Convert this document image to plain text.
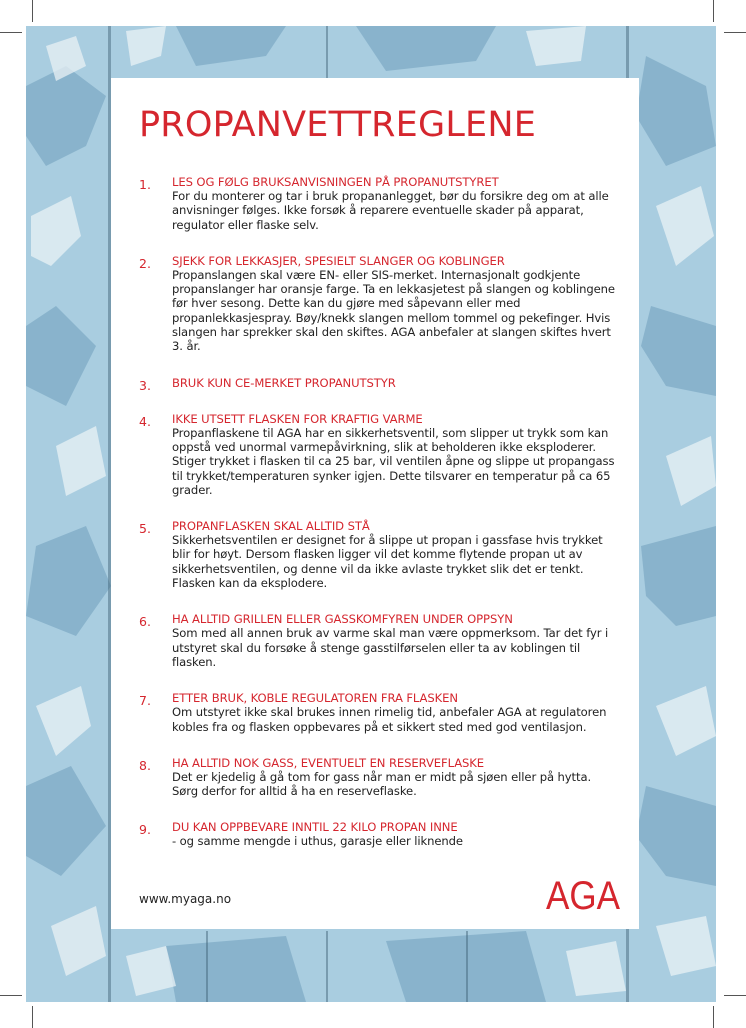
PROPANVETTREGLENE
1. LES OG FØLG BRUKSANVISNINGEN PÅ PROPANUTSTYRET
For du monterer og tar i bruk propananlegget, bør du forsikre deg om at alle anvisninger følges. Ikke forsøk å reparere eventuelle skader på apparat, regulator eller flaske selv.
2. SJEKK FOR LEKKASJER, SPESIELT SLANGER OG KOBLINGER
Propanslangen skal være EN- eller SIS-merket. Internasjonalt godkjente propanslanger har oransje farge. Ta en lekkasjetest på slangen og koblingene før hver sesong. Dette kan du gjøre med såpevann eller med propanlekkasjespray. Bøy/knekk slangen mellom tommel og pekefinger. Hvis slangen har sprekker skal den skiftes. AGA anbefaler at slangen skiftes hvert 3. år.
3. BRUK KUN CE-MERKET PROPANUTSTYR
4. IKKE UTSETT FLASKEN FOR KRAFTIG VARME
Propanflaskene til AGA har en sikkerhetsventil, som slipper ut trykk som kan oppstå ved unormal varmepåvirkning, slik at beholderen ikke eksploderer. Stiger trykket i flasken til ca 25 bar, vil ventilen åpne og slippe ut propangass til trykket/temperaturen synker igjen. Dette tilsvarer en temperatur på ca 65 grader.
5. PROPANFLASKEN SKAL ALLTID STÅ
Sikkerhetsventilen er designet for å slippe ut propan i gassfase hvis trykket blir for høyt. Dersom flasken ligger vil det komme flytende propan ut av sikkerhetsventilen, og denne vil da ikke avlaste trykket slik det er tenkt. Flasken kan da eksplodere.
6. HA ALLTID GRILLEN ELLER GASSKOMFYREN UNDER OPPSYN
Som med all annen bruk av varme skal man være oppmerksom. Tar det fyr i utstyret skal du forsøke å stenge gasstilførselen eller ta av koblingen til flasken.
7. ETTER BRUK, KOBLE REGULATOREN FRA FLASKEN
Om utstyret ikke skal brukes innen rimelig tid, anbefaler AGA at regulatoren kobles fra og flasken oppbevares på et sikkert sted med god ventilasjon.
8. HA ALLTID NOK GASS, EVENTUELT EN RESERVEFLASKE
Det er kjedelig å gå tom for gass når man er midt på sjøen eller på hytta. Sørg derfor for alltid å ha en reserveflaske.
9. DU KAN OPPBEVARE INNTIL 22 KILO PROPAN INNE
- og samme mengde i uthus, garasje eller liknende
www.myaga.no	AGA
